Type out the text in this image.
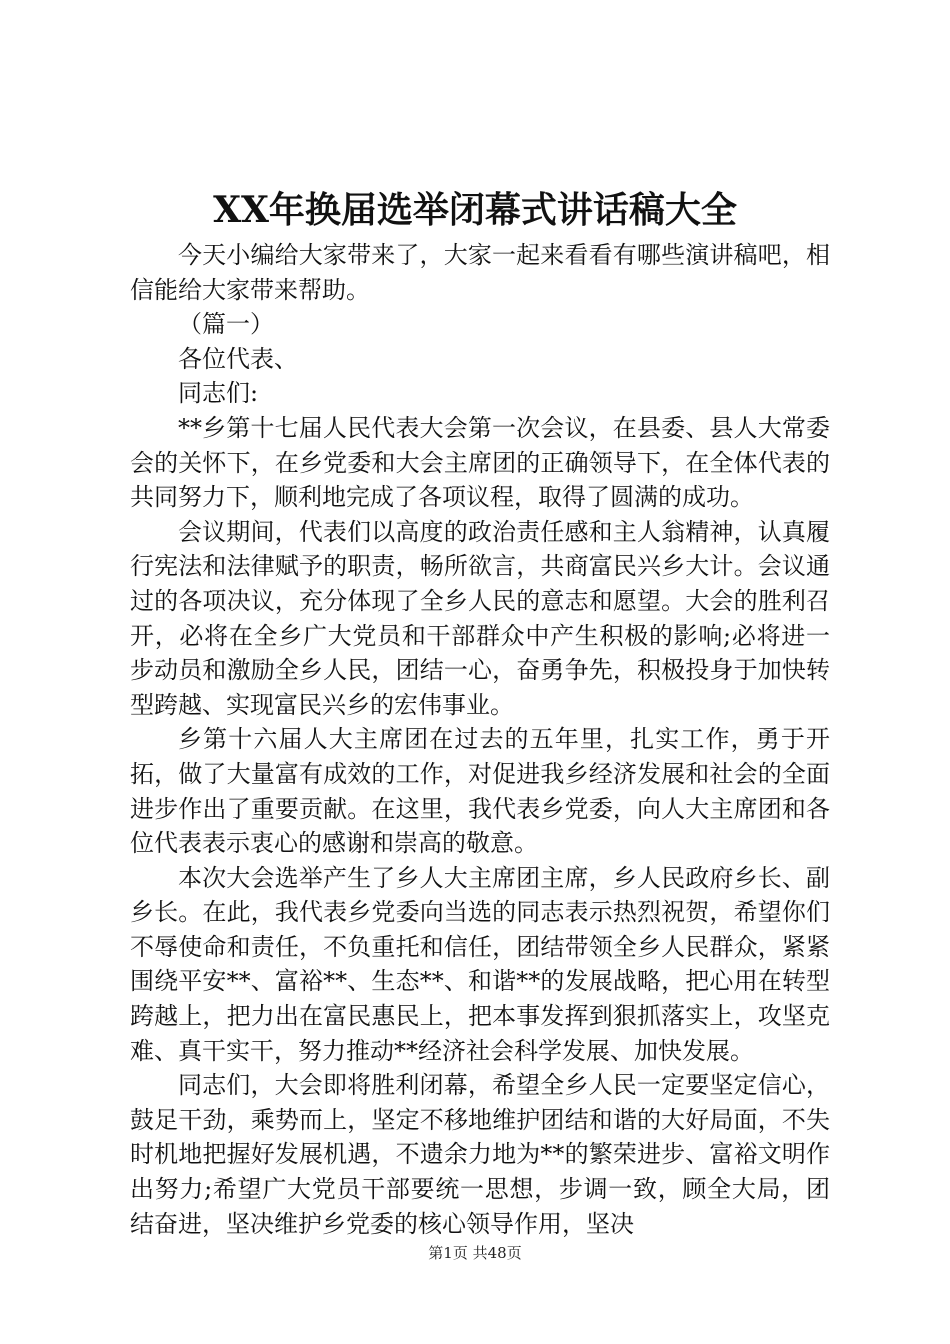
XX年换届选举闭幕式讲话稿大全

今天小编给大家带来了，大家一起来看看有哪些演讲稿吧，相信能给大家带来帮助。

（篇一）

各位代表、

同志们:

**乡第十七届人民代表大会第一次会议，在县委、县人大常委会的关怀下，在乡党委和大会主席团的正确领导下，在全体代表的共同努力下，顺利地完成了各项议程，取得了圆满的成功。

会议期间，代表们以高度的政治责任感和主人翁精神，认真履行宪法和法律赋予的职责，畅所欲言，共商富民兴乡大计。会议通过的各项决议，充分体现了全乡人民的意志和愿望。大会的胜利召开，必将在全乡广大党员和干部群众中产生积极的影响;必将进一步动员和激励全乡人民，团结一心，奋勇争先，积极投身于加快转型跨越、实现富民兴乡的宏伟事业。

乡第十六届人大主席团在过去的五年里，扎实工作，勇于开拓，做了大量富有成效的工作，对促进我乡经济发展和社会的全面进步作出了重要贡献。在这里，我代表乡党委，向人大主席团和各位代表表示衷心的感谢和崇高的敬意。

本次大会选举产生了乡人大主席团主席，乡人民政府乡长、副乡长。在此，我代表乡党委向当选的同志表示热烈祝贺，希望你们不辱使命和责任，不负重托和信任，团结带领全乡人民群众，紧紧围绕平安**、富裕**、生态**、和谐**的发展战略，把心用在转型跨越上，把力出在富民惠民上，把本事发挥到狠抓落实上，攻坚克难、真干实干，努力推动**经济社会科学发展、加快发展。

同志们，大会即将胜利闭幕，希望全乡人民一定要坚定信心，鼓足干劲，乘势而上，坚定不移地维护团结和谐的大好局面，不失时机地把握好发展机遇，不遗余力地为**的繁荣进步、富裕文明作出努力;希望广大党员干部要统一思想，步调一致，顾全大局，团结奋进，坚决维护乡党委的核心领导作用，坚决

第1页 共48页
